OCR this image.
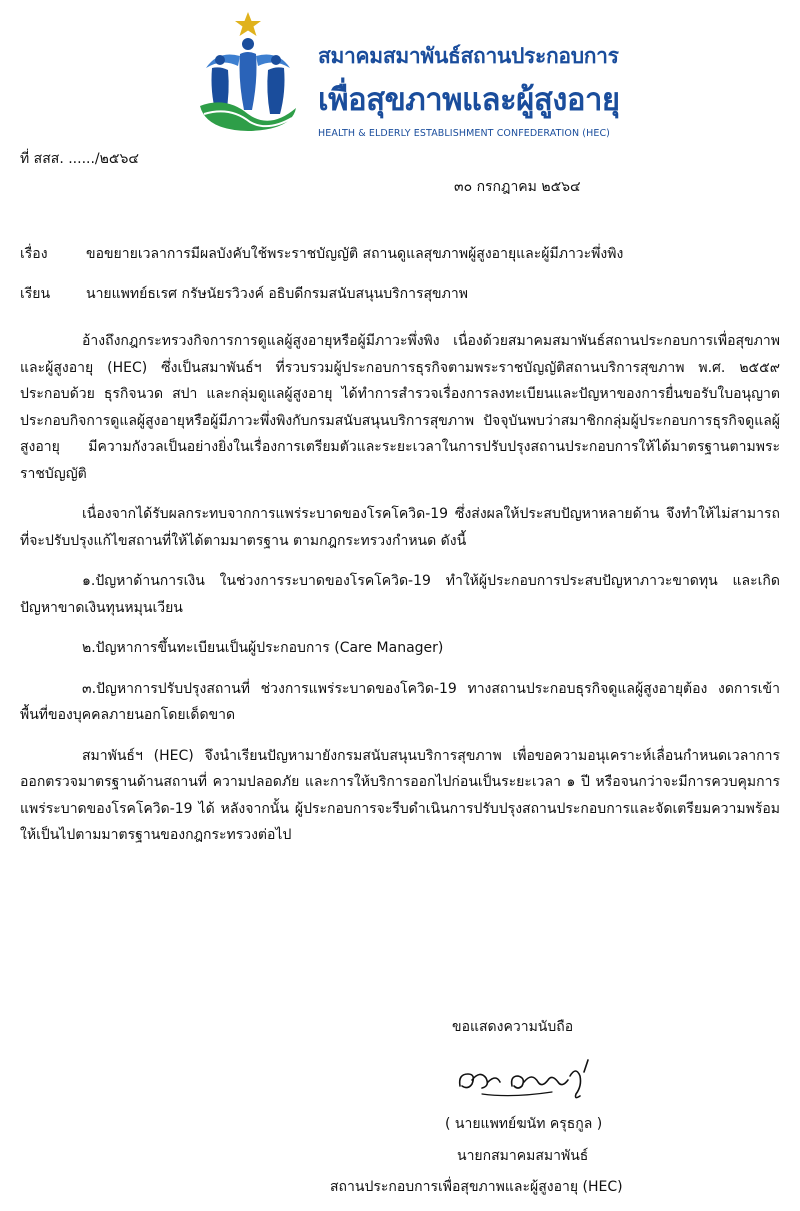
สมาคมสมาพันธ์สถานประกอบการ
เพื่อสุขภาพและผู้สูงอายุ
HEALTH & ELDERLY ESTABLISHMENT CONFEDERATION (HEC)
ที่ สสส. ....../๒๕๖๔
๓๐ กรกฎาคม ๒๕๖๔
เรื่อง	ขอขยายเวลาการมีผลบังคับใช้พระราชบัญญัติ สถานดูแลสุขภาพผู้สูงอายุและผู้มีภาวะพึ่งพิง
เรียน	นายแพทย์ธเรศ กรัษนัยรวิวงค์ อธิบดีกรมสนับสนุนบริการสุขภาพ

อ้างถึงกฎกระทรวงกิจการการดูแลผู้สูงอายุหรือผู้มีภาวะพึ่งพิง เนื่องด้วยสมาคมสมาพันธ์สถานประกอบการเพื่อสุขภาพและผู้สูงอายุ (HEC) ซึ่งเป็นสมาพันธ์ฯ ที่รวบรวมผู้ประกอบการธุรกิจตามพระราชบัญญัติสถานบริการสุขภาพ พ.ศ. ๒๕๕๙ ประกอบด้วย ธุรกิจนวด สปา และกลุ่มดูแลผู้สูงอายุ ได้ทำการสำรวจเรื่องการลงทะเบียนและปัญหาของการยื่นขอรับใบอนุญาตประกอบกิจการดูแลผู้สูงอายุหรือผู้มีภาวะพึ่งพิงกับกรมสนับสนุนบริการสุขภาพ ปัจจุบันพบว่าสมาชิกกลุ่มผู้ประกอบการธุรกิจดูแลผู้สูงอายุ มีความกังวลเป็นอย่างยิ่งในเรื่องการเตรียมตัวและระยะเวลาในการปรับปรุงสถานประกอบการให้ได้มาตรฐานตามพระราชบัญญัติ

เนื่องจากได้รับผลกระทบจากการแพร่ระบาดของโรคโควิด-19 ซึ่งส่งผลให้ประสบปัญหาหลายด้าน จึงทำให้ไม่สามารถที่จะปรับปรุงแก้ไขสถานที่ให้ได้ตามมาตรฐาน ตามกฎกระทรวงกำหนด ดังนี้

๑.ปัญหาด้านการเงิน ในช่วงการระบาดของโรคโควิด-19 ทำให้ผู้ประกอบการประสบปัญหาภาวะขาดทุน และเกิดปัญหาขาดเงินทุนหมุนเวียน

๒.ปัญหาการขึ้นทะเบียนเป็นผู้ประกอบการ (Care Manager)

๓.ปัญหาการปรับปรุงสถานที่ ช่วงการแพร่ระบาดของโควิด-19 ทางสถานประกอบธุรกิจดูแลผู้สูงอายุต้อง งดการเข้าพื้นที่ของบุคคลภายนอกโดยเด็ดขาด

สมาพันธ์ฯ (HEC) จึงนำเรียนปัญหามายังกรมสนับสนุนบริการสุขภาพ เพื่อขอความอนุเคราะห์เลื่อนกำหนดเวลาการออกตรวจมาตรฐานด้านสถานที่ ความปลอดภัย และการให้บริการออกไปก่อนเป็นระยะเวลา ๑ ปี หรือจนกว่าจะมีการควบคุมการแพร่ระบาดของโรคโควิด-19 ได้ หลังจากนั้น ผู้ประกอบการจะรีบดำเนินการปรับปรุงสถานประกอบการและจัดเตรียมความพร้อมให้เป็นไปตามมาตรฐานของกฎกระทรวงต่อไป

ขอแสดงความนับถือ
( นายแพทย์ฆนัท ครุธกูล )
นายกสมาคมสมาพันธ์
สถานประกอบการเพื่อสุขภาพและผู้สูงอายุ (HEC)
